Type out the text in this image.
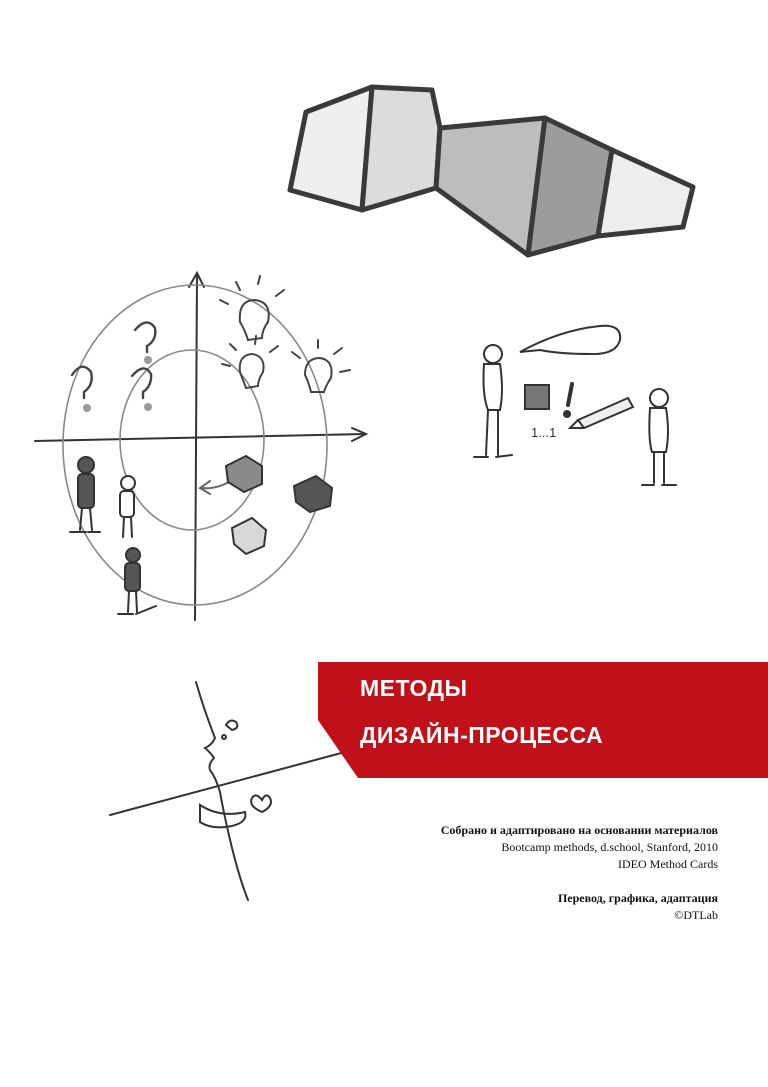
1...1
МЕТОДЫ
ДИЗАЙН-ПРОЦЕССА
Собрано и адаптировано на основании материалов
Bootcamp methods, d.school, Stanford, 2010
IDEO Method Cards
Перевод, графика, адаптация
©DTLab
